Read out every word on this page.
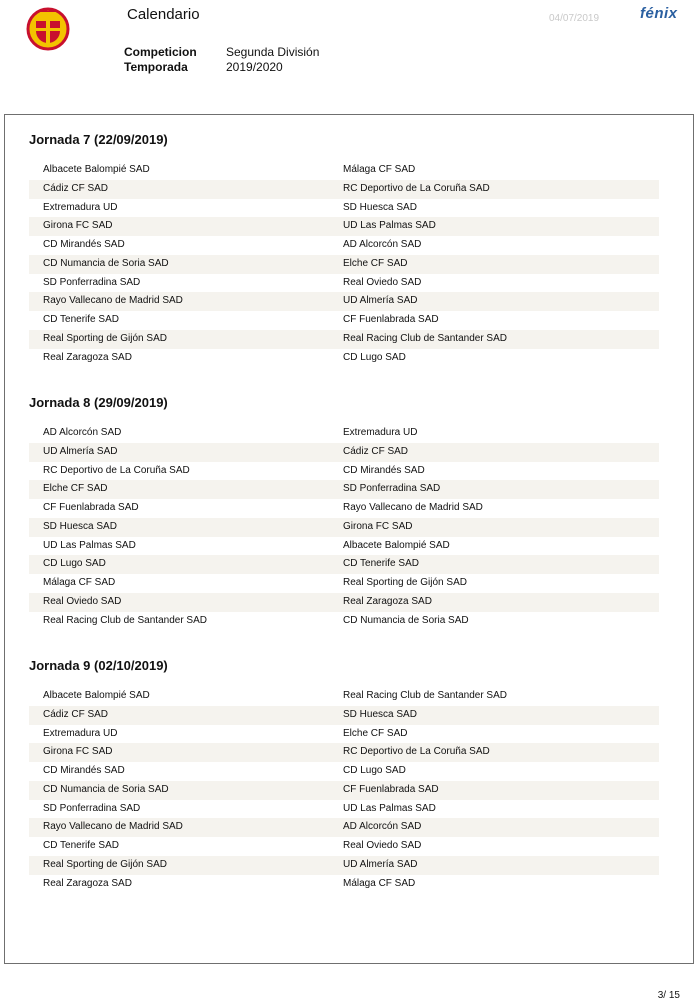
Calendario	04/07/2019	fénix
Competicion	Segunda División
Temporada	2019/2020
Jornada 7 (22/09/2019)
Albacete Balompié SAD	Málaga CF SAD
Cádiz CF SAD	RC Deportivo de La Coruña SAD
Extremadura UD	SD Huesca SAD
Girona FC SAD	UD Las Palmas SAD
CD Mirandés SAD	AD Alcorcón SAD
CD Numancia de Soria SAD	Elche CF SAD
SD Ponferradina SAD	Real Oviedo SAD
Rayo Vallecano de Madrid SAD	UD Almería SAD
CD Tenerife SAD	CF Fuenlabrada SAD
Real Sporting de Gijón SAD	Real Racing Club de Santander SAD
Real Zaragoza SAD	CD Lugo SAD
Jornada 8 (29/09/2019)
AD Alcorcón SAD	Extremadura UD
UD Almería SAD	Cádiz CF SAD
RC Deportivo de La Coruña SAD	CD Mirandés SAD
Elche CF SAD	SD Ponferradina SAD
CF Fuenlabrada SAD	Rayo Vallecano de Madrid SAD
SD Huesca SAD	Girona FC SAD
UD Las Palmas SAD	Albacete Balompié SAD
CD Lugo SAD	CD Tenerife SAD
Málaga CF SAD	Real Sporting de Gijón SAD
Real Oviedo SAD	Real Zaragoza SAD
Real Racing Club de Santander SAD	CD Numancia de Soria SAD
Jornada 9 (02/10/2019)
Albacete Balompié SAD	Real Racing Club de Santander SAD
Cádiz CF SAD	SD Huesca SAD
Extremadura UD	Elche CF SAD
Girona FC SAD	RC Deportivo de La Coruña SAD
CD Mirandés SAD	CD Lugo SAD
CD Numancia de Soria SAD	CF Fuenlabrada SAD
SD Ponferradina SAD	UD Las Palmas SAD
Rayo Vallecano de Madrid SAD	AD Alcorcón SAD
CD Tenerife SAD	Real Oviedo SAD
Real Sporting de Gijón SAD	UD Almería SAD
Real Zaragoza SAD	Málaga CF SAD
3/ 15
